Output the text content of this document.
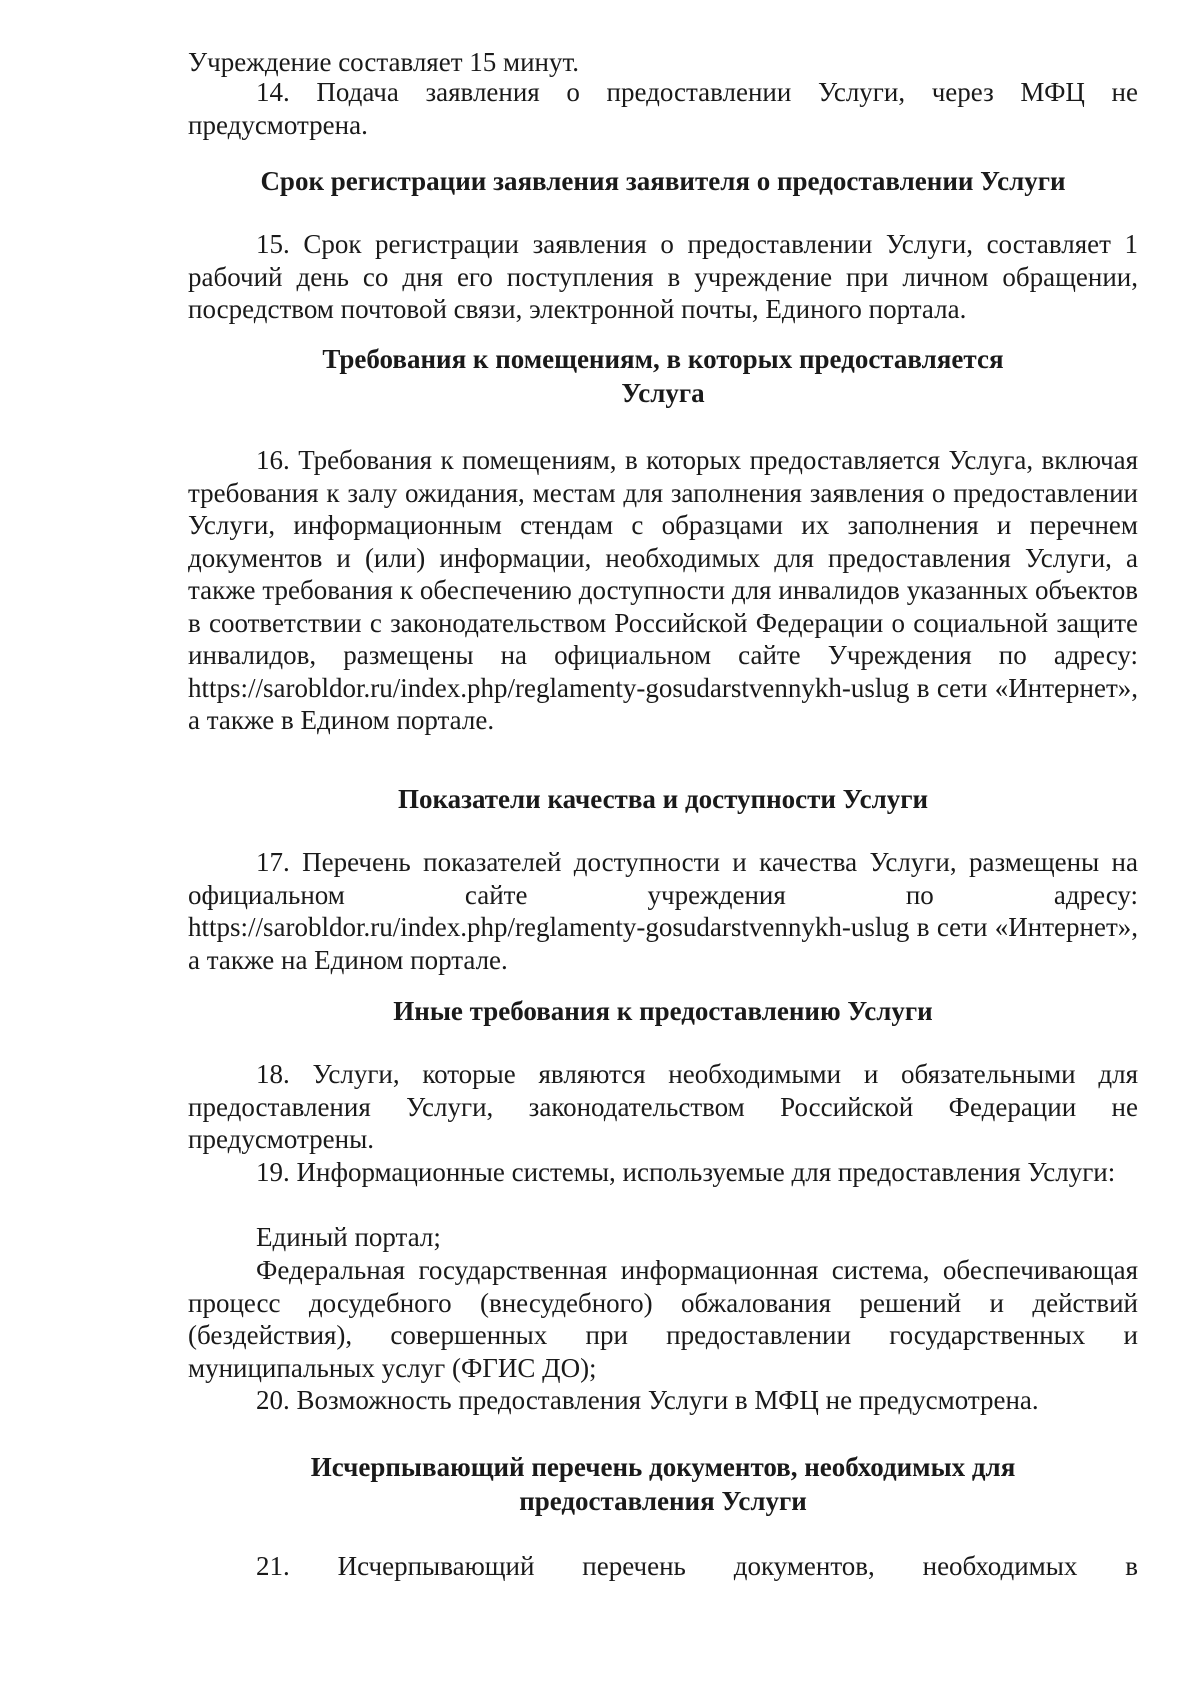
Учреждение составляет 15 минут.

14. Подача заявления о предоставлении Услуги, через МФЦ не предусмотрена.

Срок регистрации заявления заявителя о предоставлении Услуги

15. Срок регистрации заявления о предоставлении Услуги, составляет 1 рабочий день со дня его поступления в учреждение при личном обращении, посредством почтовой связи, электронной почты, Единого портала.

Требования к помещениям, в которых предоставляется
Услуга

16. Требования к помещениям, в которых предоставляется Услуга, включая требования к залу ожидания, местам для заполнения заявления о предоставлении Услуги, информационным стендам с образцами их заполнения и перечнем документов и (или) информации, необходимых для предоставления Услуги, а также требования к обеспечению доступности для инвалидов указанных объектов в соответствии с законодательством Российской Федерации о социальной защите инвалидов, размещены на официальном сайте Учреждения по адресу: https://sarobldor.ru/index.php/reglamenty-gosudarstvennykh-uslug в сети «Интернет», а также в Едином портале.

Показатели качества и доступности Услуги

17. Перечень показателей доступности и качества Услуги, размещены на официальном сайте учреждения по адресу: https://sarobldor.ru/index.php/reglamenty-gosudarstvennykh-uslug в сети «Интернет», а также на Едином портале.

Иные требования к предоставлению Услуги

18. Услуги, которые являются необходимыми и обязательными для предоставления Услуги, законодательством Российской Федерации не предусмотрены.

19. Информационные системы, используемые для предоставления Услуги:

Единый портал;

Федеральная государственная информационная система, обеспечивающая процесс досудебного (внесудебного) обжалования решений и действий (бездействия), совершенных при предоставлении государственных и муниципальных услуг (ФГИС ДО);

20. Возможность предоставления Услуги в МФЦ не предусмотрена.

Исчерпывающий перечень документов, необходимых для
предоставления Услуги
21. Исчерпывающий перечень документов, необходимых в
